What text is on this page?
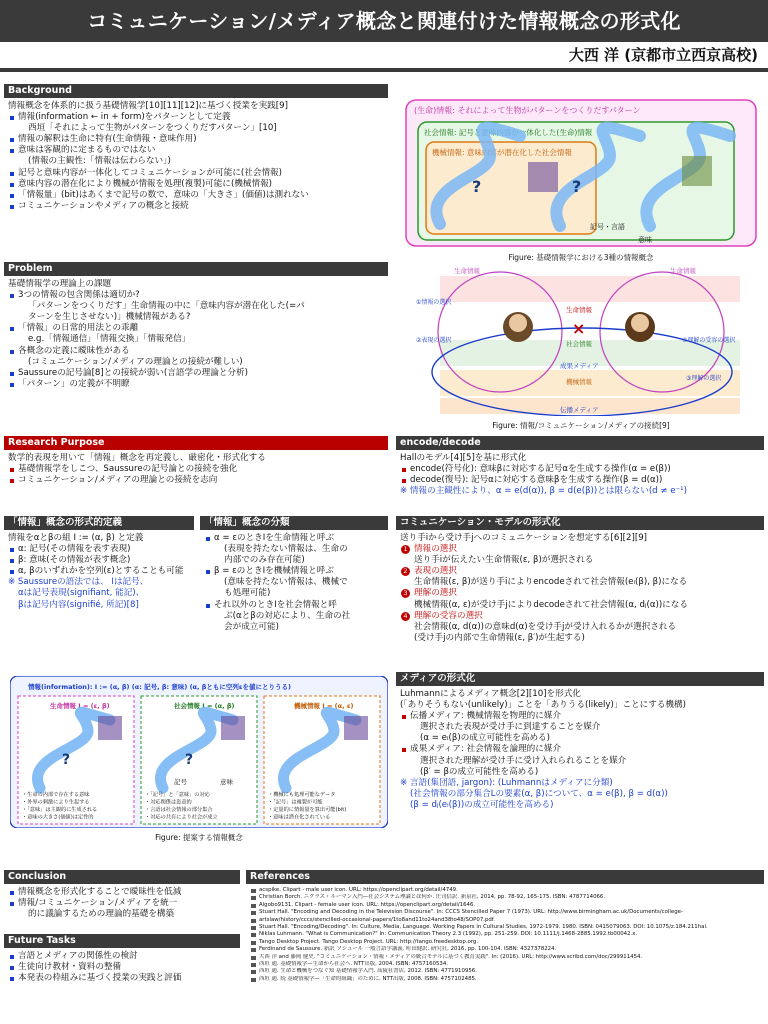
コミュニケーション/メディア概念と関連付けた情報概念の形式化
大西 洋 (京都市立西京高校)
Background
情報概念を体系的に扱う基礎情報学[10][11][12]に基づく授業を実践[9]
情報(information ← in + form)をパターンとして定義
西垣「それによって生物がパターンをつくりだすパターン」[10]
情報の解釈は生命に特有(生命情報・意味作用)
意味は客観的に定まるものではない
(情報の主観性:「情報は伝わらない」)
記号と意味内容が一体化してコミュニケーションが可能に(社会情報)
意味内容の潜在化により機械が情報を処理(複製)可能に(機械情報)
「情報量」(bit)はあくまで記号の数で、意味の「大きさ」(価値)は測れない
コミュニケーションやメディアの概念と接続
(生命)情報: それによって生物がパターンをつくりだすパターン
社会情報: 記号と意味内容が一体化した(生命)情報
機械情報: 意味内容が潜在化した社会情報
?	?
記号・言語
意味
Figure: 基礎情報学における3種の情報概念
Problem
基礎情報学の理論上の課題
3つの情報の包含関係は適切か?
「パターンをつくりだす」生命情報の中に「意味内容が潜在化した(=パ
ターンを生じさせない)」機械情報がある?
「情報」の日常的用法との乖離
e.g.「情報通信」「情報交換」「情報発信」
各概念の定義に曖昧性がある
(コミュニケーション/メディアの理論との接続が難しい)
Saussureの記号論[8]との接続が弱い(言語学の理論と分析)
「パターン」の定義が不明瞭
×
生命情報	生命情報
①情報の選択
②表現の選択
③理解の選択
④理解の受容の選択
生命情報
社会情報
成果メディア
機械情報
伝播メディア
Figure: 情報/コミュニケーション/メディアの接続[9]
Research Purpose
数学的表現を用いて「情報」概念を再定義し、厳密化・形式化する
基礎情報学をしこつ、Saussureの記号論との接続を強化
コミュニケーション/メディアの理論との接続を志向
encode/decode
Hallのモデル[4][5]を基に形式化
encode(符号化): 意味βに対応する記号αを生成する操作(α = e(β))
decode(復号): 記号αに対応する意味βを生成する操作(β = d(α))
※ 情報の主観性により、α = e(d(α)), β = d(e(β))とは限らない(d ≠ e⁻¹)
「情報」概念の形式的定義
情報をαとβの組 I := (α, β) と定義
α: 記号(その情報を表す表現)
β: 意味(その情報が表す概念)
α, βのいずれかを空列(ε)とすることも可能
※ Saussureの語法では、 Iは記号、
αは記号表現(signifiant, 能記)、
βは記号内容(signifié, 所記)[8]
「情報」概念の分類
α = εのときIを生命情報と呼ぶ
(表現を持たない情報は、生命の
内部でのみ存在可能)
β = εのときIを機械情報と呼ぶ
(意味を持たない情報は、機械で
も処理可能)
それ以外のときIを社会情報と呼
ぶ(αとβの対応により、生命の社
会が成立可能)
コミュニケーション・モデルの形式化
送り手iから受け手jへのコミュニケーションを想定する[6][2][9]
1 情報の選択
送り手iが伝えたい生命情報(ε, β)が選択される
2 表現の選択
生命情報(ε, β)が送り手iによりencodeされて社会情報(eᵢ(β), β)になる
3 理解の選択
機械情報(α, ε)が受け手jによりdecodeされて社会情報(α, dⱼ(α))になる
4 理解の受容の選択
社会情報(α, d(α))の意味d(α)を受け手jが受け入れるかが選択される
(受け手jの内部で生命情報(ε, β′)が生起する)
情報(information): I := (α, β) (α: 記号, β: 意味) (α, βともに空列εを値にとりうる)
生命情報 I = (ε, β)	社会情報 I = (α, β)	機械情報 I = (α, ε)
?	?
記号	意味
・生命の内部で存在する意味
・外界の刺激により生起する
・「意味」は主観的に生成される
・意味の大きさ(価値)は定性的
・「記号」と「意味」の対応
・対応関係は恣意的
・言語は社会情報の部分集合
・対応の共有により社会が成立
・機械にも処理可能なデータ
・「記号」は複製が可能
・定量的に情報量を算出可能(bit)
・意味は潜在化されている
Figure: 提案する情報概念
メディアの形式化
Luhmannによるメディア概念[2][10]を形式化
(「ありそうもない(unlikely)」ことを「ありうる(likely)」ことにする機構)
伝播メディア: 機械情報を物理的に媒介
選択された表現が受け手に到達することを媒介
(α = eᵢ(β)の成立可能性を高める)
成果メディア: 社会情報を論理的に媒介
選択された理解が受け手に受け入れられることを媒介
(β′ = βの成立可能性を高める)
※ 言語(集団語, jargon): (Luhmannはメディアに分類)
(社会情報の部分集合Lの要素(α, β)について、α = e(β), β = d(α))
(β = dⱼ(eᵢ(β))の成立可能性を高める)
Conclusion
情報概念を形式化することで曖昧性を低減
情報/コミュニケーション/メディアを統一
的に議論するための理論的基礎を構築
Future Tasks
言語とメディアの関係性の検討
生徒向け教材・資料の整備
本発表の枠組みに基づく授業の実践と評価
References
acspike. Clipart - male user icon. URL: https://openclipart.org/detail/4749.
Christian Borch. ニクラス・ルーマン入門—社会システム理論とは何か. 庄司信訳. 新泉社, 2014, pp. 78-92, 165-175. ISBN: 4787714066.
Algobo9131. Clipart - female user icon. URL: https://openclipart.org/detail/1646.
Stuart Hall. "Encoding and Decoding in the Television Discourse". In: CCCS Stencilled Paper 7 (1973). URL: http://www.birmingham.ac.uk/Documents/college-
artslaw/history/cccs/stencilled-occasional-papers/1to8and11to24and38to48/SOP07.pdf.
Stuart Hall. "Encoding/Decoding". In: Culture, Media, Language. Working Papers in Cultural Studies, 1972-1979. 1980. ISBN: 0415079063. DOI: 10.1075/z.184.211hal.
Niklas Luhmann. "What is Communication?" In: Communication Theory 2.3 (1992), pp. 251-259. DOI: 10.1111/j.1468-2885.1992.tb00042.x.
Tango Desktop Project. Tango Desktop Project. URL: http://tango.freedesktop.org.
Ferdinand de Saussure. 新訳 ソシュール 一般言語学講義. 町田健訳. 研究社, 2016, pp. 100-104. ISBN: 4327378224.
大西 洋 and 藤岡 健史. "コミュニケーション・情報・メディアの統合モデルに基づく教育実践". In: (2016). URL: http://www.scribd.com/doc/299911454.
西垣 通. 基礎情報学—生命から社会へ. NTT出版, 2004. ISBN: 4757160534.
西垣 通. 生命と機械をつなぐ知 基礎情報学入門. 高陵社書店, 2012. ISBN: 4771910956.
西垣 通. 続 基礎情報学—「生命的組織」のために. NTT出版, 2008. ISBN: 4757102485.
